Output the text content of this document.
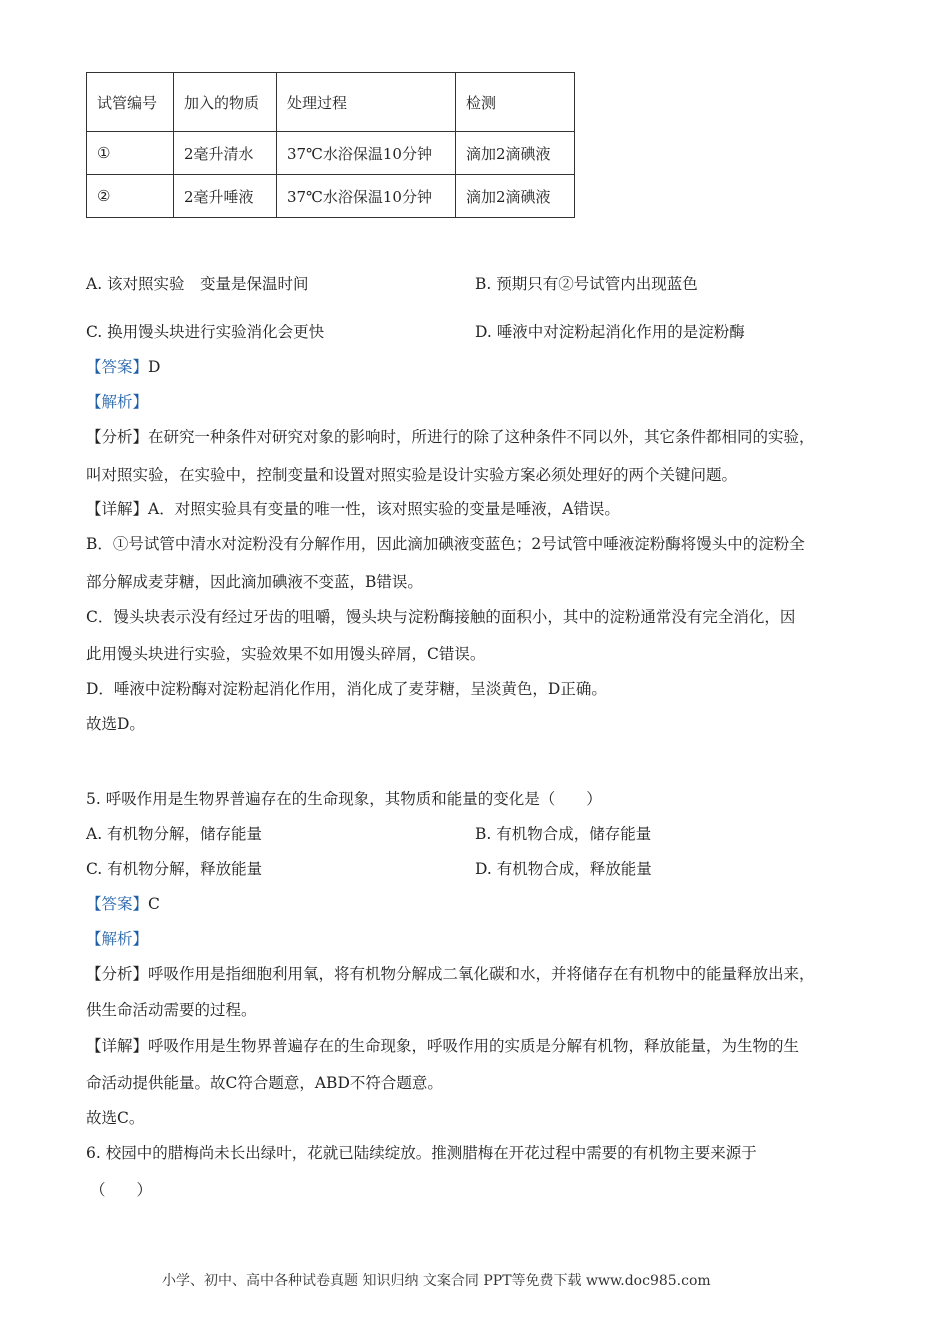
试管编号	加入的物质	处理过程	检测
①	2毫升清水	37℃水浴保温10分钟	滴加2滴碘液
②	2毫升唾液	37℃水浴保温10分钟	滴加2滴碘液
A. 该对照实验　变量是保温时间	B. 预期只有②号试管内出现蓝色
C. 换用馒头块进行实验消化会更快	D. 唾液中对淀粉起消化作用的是淀粉酶
【答案】D
【解析】
【分析】在研究一种条件对研究对象的影响时，所进行的除了这种条件不同以外，其它条件都相同的实验，
叫对照实验，在实验中，控制变量和设置对照实验是设计实验方案必须处理好的两个关键问题。
【详解】A．对照实验具有变量的唯一性，该对照实验的变量是唾液，A错误。
B．①号试管中清水对淀粉没有分解作用，因此滴加碘液变蓝色；2号试管中唾液淀粉酶将馒头中的淀粉全
部分解成麦芽糖，因此滴加碘液不变蓝，B错误。
C．馒头块表示没有经过牙齿的咀嚼，馒头块与淀粉酶接触的面积小，其中的淀粉通常没有完全消化，因
此用馒头块进行实验，实验效果不如用馒头碎屑，C错误。
D．唾液中淀粉酶对淀粉起消化作用，消化成了麦芽糖，呈淡黄色，D正确。
故选D。
5. 呼吸作用是生物界普遍存在的生命现象，其物质和能量的变化是（　　）
A. 有机物分解，储存能量	B. 有机物合成，储存能量
C. 有机物分解，释放能量	D. 有机物合成，释放能量
【答案】C
【解析】
【分析】呼吸作用是指细胞利用氧，将有机物分解成二氧化碳和水，并将储存在有机物中的能量释放出来，
供生命活动需要的过程。
【详解】呼吸作用是生物界普遍存在的生命现象，呼吸作用的实质是分解有机物，释放能量，为生物的生
命活动提供能量。故C符合题意，ABD不符合题意。
故选C。
6. 校园中的腊梅尚未长出绿叶，花就已陆续绽放。推测腊梅在开花过程中需要的有机物主要来源于
（　　）
小学、初中、高中各种试卷真题 知识归纳 文案合同 PPT等免费下载 www.doc985.com
